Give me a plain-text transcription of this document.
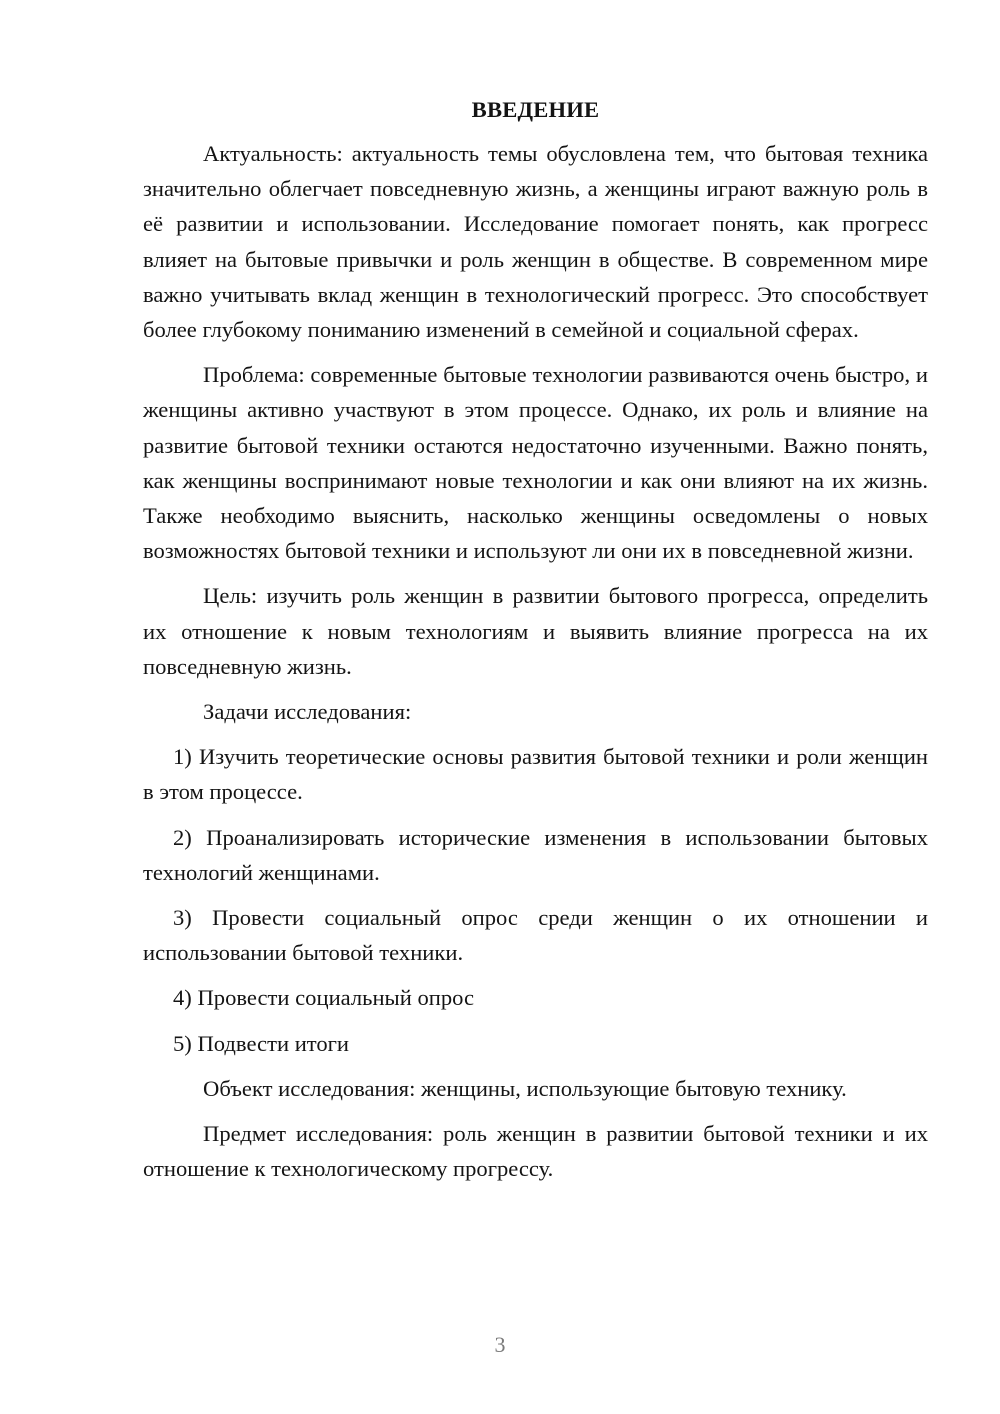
ВВЕДЕНИЕ

Актуальность: актуальность темы обусловлена тем, что бытовая техника значительно облегчает повседневную жизнь, а женщины играют важную роль в её развитии и использовании. Исследование помогает понять, как прогресс влияет на бытовые привычки и роль женщин в обществе. В современном мире важно учитывать вклад женщин в технологический прогресс. Это способствует более глубокому пониманию изменений в семейной и социальной сферах.

Проблема: современные бытовые технологии развиваются очень быстро, и женщины активно участвуют в этом процессе. Однако, их роль и влияние на развитие бытовой техники остаются недостаточно изученными. Важно понять, как женщины воспринимают новые технологии и как они влияют на их жизнь. Также необходимо выяснить, насколько женщины осведомлены о новых возможностях бытовой техники и используют ли они их в повседневной жизни.

Цель: изучить роль женщин в развитии бытового прогресса, определить их отношение к новым технологиям и выявить влияние прогресса на их повседневную жизнь.

Задачи исследования:

1) Изучить теоретические основы развития бытовой техники и роли женщин в этом процессе.

2) Проанализировать исторические изменения в использовании бытовых технологий женщинами.

3) Провести социальный опрос среди женщин о их отношении и использовании бытовой техники.

4) Провести социальный опрос

5) Подвести итоги

Объект исследования: женщины, использующие бытовую технику.

Предмет исследования: роль женщин в развитии бытовой техники и их отношение к технологическому прогрессу.

3
